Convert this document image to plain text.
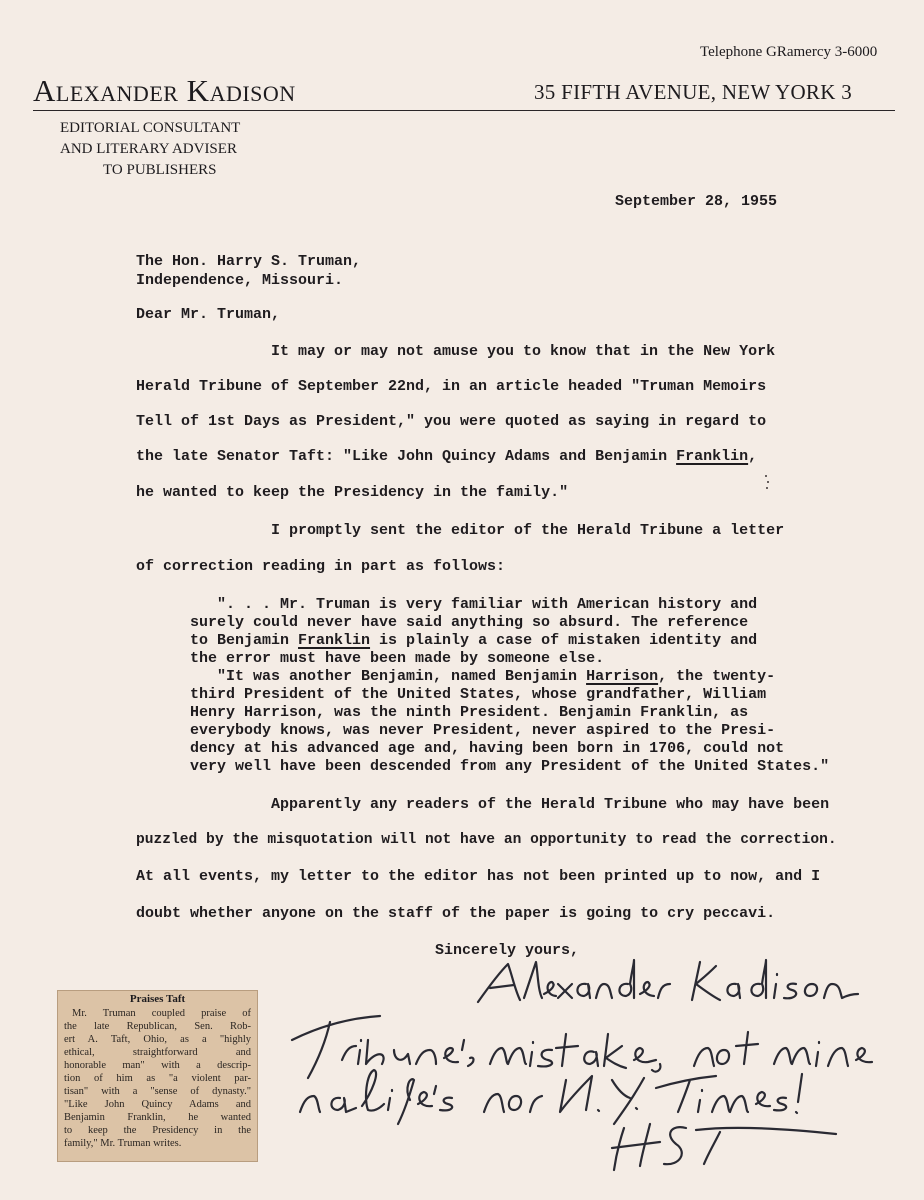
Telephone GRamercy 3-6000
Alexander Kadison	35 FIFTH AVENUE, NEW YORK 3
EDITORIAL CONSULTANT
AND LITERARY ADVISER
TO PUBLISHERS
September 28, 1955
The Hon. Harry S. Truman,
Independence, Missouri.
Dear Mr. Truman,
It may or may not amuse you to know that in the New York
Herald Tribune of September 22nd, in an article headed "Truman Memoirs
Tell of 1st Days as President," you were quoted as saying in regard to
the late Senator Taft: "Like John Quincy Adams and Benjamin Franklin,
he wanted to keep the Presidency in the family."
I promptly sent the editor of the Herald Tribune a letter
of correction reading in part as follows:
". . . Mr. Truman is very familiar with American history and
surely could never have said anything so absurd. The reference
to Benjamin Franklin is plainly a case of mistaken identity and
the error must have been made by someone else.
"It was another Benjamin, named Benjamin Harrison, the twenty-
third President of the United States, whose grandfather, William
Henry Harrison, was the ninth President. Benjamin Franklin, as
everybody knows, was never President, never aspired to the Presi-
dency at his advanced age and, having been born in 1706, could not
very well have been descended from any President of the United States."
Apparently any readers of the Herald Tribune who may have been
puzzled by the misquotation will not have an opportunity to read the correction.
At all events, my letter to the editor has not been printed up to now, and I
doubt whether anyone on the staff of the paper is going to cry peccavi.
Sincerely yours,
Praises Taft
Mr. Truman coupled praise of
the late Republican, Sen. Rob-
ert A. Taft, Ohio, as a "highly
ethical, straightforward and
honorable man" with a descrip-
tion of him as "a violent par-
tisan" with a "sense of dynasty."
"Like John Quincy Adams and
Benjamin Franklin, he wanted
to keep the Presidency in the
family," Mr. Truman writes.
